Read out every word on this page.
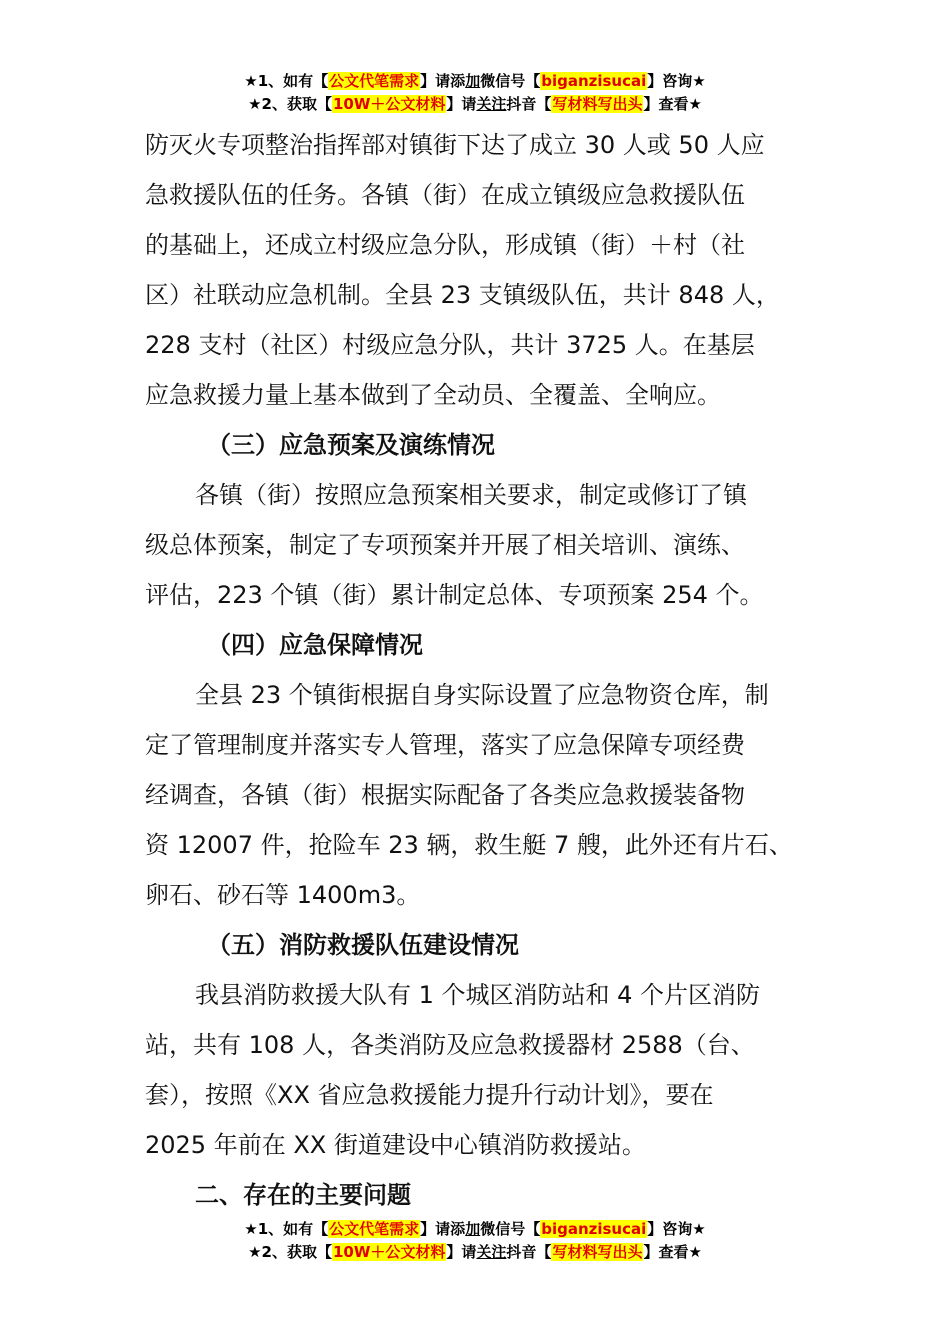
★1、如有【公文代笔需求】请添加微信号【biganzisucai】咨询★
★2、获取【10W＋公文材料】请关注抖音【写材料写出头】查看★

防灭火专项整治指挥部对镇街下达了成立 30 人或 50 人应

急救援队伍的任务。各镇（街）在成立镇级应急救援队伍

的基础上，还成立村级应急分队，形成镇（街）＋村（社

区）社联动应急机制。全县 23 支镇级队伍，共计 848 人，

228 支村（社区）村级应急分队，共计 3725 人。在基层

应急救援力量上基本做到了全动员、全覆盖、全响应。

（三）应急预案及演练情况

各镇（街）按照应急预案相关要求，制定或修订了镇

级总体预案，制定了专项预案并开展了相关培训、演练、

评估，223 个镇（街）累计制定总体、专项预案 254 个。

（四）应急保障情况

全县 23 个镇街根据自身实际设置了应急物资仓库，制

定了管理制度并落实专人管理，落实了应急保障专项经费

经调查，各镇（街）根据实际配备了各类应急救援装备物

资 12007 件，抢险车 23 辆，救生艇 7 艘，此外还有片石、

卵石、砂石等 1400m3。

（五）消防救援队伍建设情况

我县消防救援大队有 1 个城区消防站和 4 个片区消防

站，共有 108 人，各类消防及应急救援器材 2588（台、

套），按照《XX 省应急救援能力提升行动计划》，要在

2025 年前在 XX 街道建设中心镇消防救援站。

二、存在的主要问题
★1、如有【公文代笔需求】请添加微信号【biganzisucai】咨询★
★2、获取【10W＋公文材料】请关注抖音【写材料写出头】查看★
